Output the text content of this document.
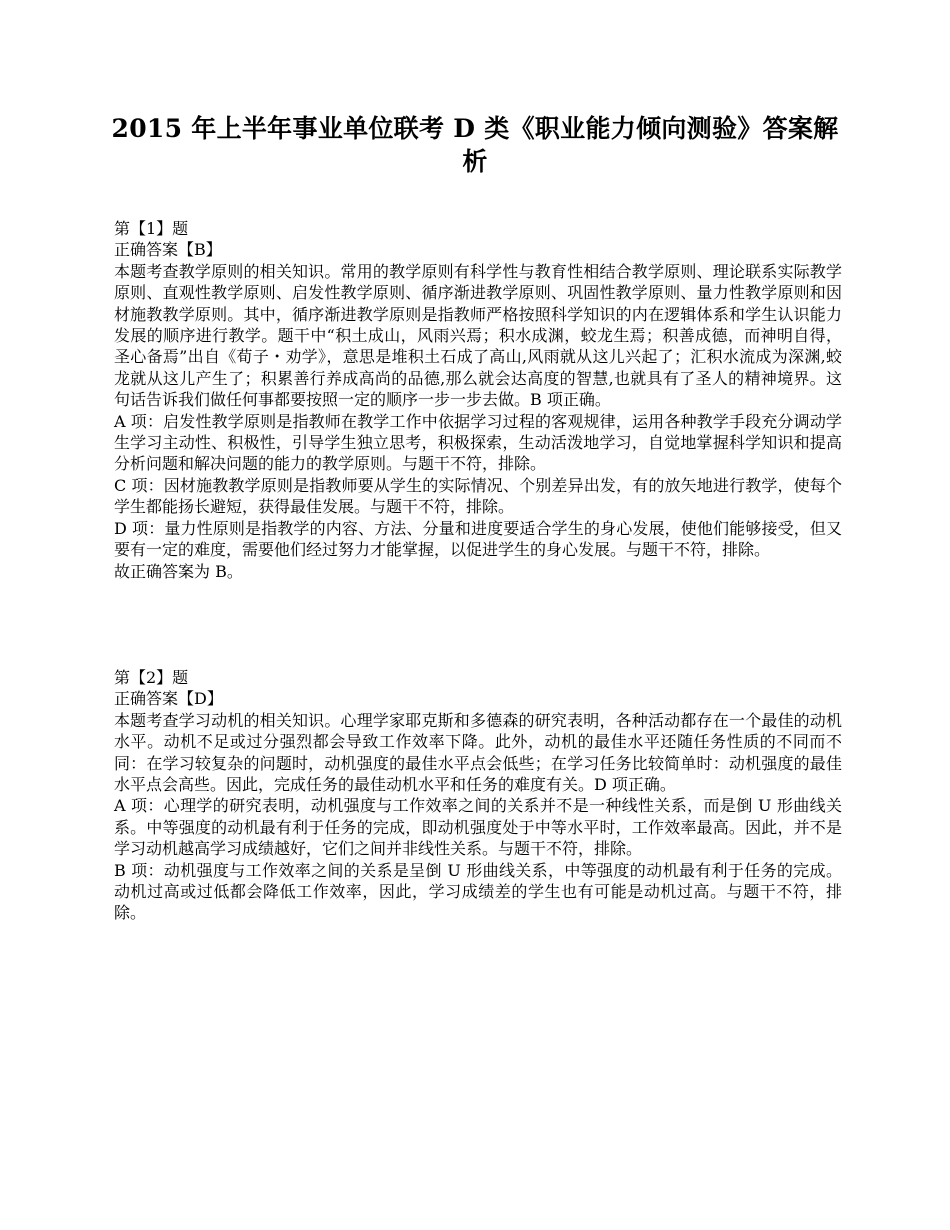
2015 年上半年事业单位联考 D 类《职业能力倾向测验》答案解析

第【1】题

正确答案【B】

本题考查教学原则的相关知识。常用的教学原则有科学性与教育性相结合教学原则、理论联系实际教学原则、直观性教学原则、启发性教学原则、循序渐进教学原则、巩固性教学原则、量力性教学原则和因材施教教学原则。其中，循序渐进教学原则是指教师严格按照科学知识的内在逻辑体系和学生认识能力发展的顺序进行教学。题干中“积土成山，风雨兴焉；积水成渊，蛟龙生焉；积善成德，而神明自得，圣心备焉”出自《荀子・劝学》，意思是堆积土石成了高山,风雨就从这儿兴起了；汇积水流成为深渊,蛟龙就从这儿产生了；积累善行养成高尚的品德,那么就会达高度的智慧,也就具有了圣人的精神境界。这句话告诉我们做任何事都要按照一定的顺序一步一步去做。B 项正确。

A 项：启发性教学原则是指教师在教学工作中依据学习过程的客观规律，运用各种教学手段充分调动学生学习主动性、积极性，引导学生独立思考，积极探索，生动活泼地学习，自觉地掌握科学知识和提高分析问题和解决问题的能力的教学原则。与题干不符，排除。

C 项：因材施教教学原则是指教师要从学生的实际情况、个别差异出发，有的放矢地进行教学，使每个学生都能扬长避短，获得最佳发展。与题干不符，排除。

D 项：量力性原则是指教学的内容、方法、分量和进度要适合学生的身心发展，使他们能够接受，但又要有一定的难度，需要他们经过努力才能掌握，以促进学生的身心发展。与题干不符，排除。

故正确答案为 B。

第【2】题

正确答案【D】

本题考查学习动机的相关知识。心理学家耶克斯和多德森的研究表明，各种活动都存在一个最佳的动机水平。动机不足或过分强烈都会导致工作效率下降。此外，动机的最佳水平还随任务性质的不同而不同：在学习较复杂的问题时，动机强度的最佳水平点会低些；在学习任务比较简单时：动机强度的最佳水平点会高些。因此，完成任务的最佳动机水平和任务的难度有关。D 项正确。

A 项：心理学的研究表明，动机强度与工作效率之间的关系并不是一种线性关系，而是倒 U 形曲线关系。中等强度的动机最有利于任务的完成，即动机强度处于中等水平时，工作效率最高。因此，并不是学习动机越高学习成绩越好，它们之间并非线性关系。与题干不符，排除。

B 项：动机强度与工作效率之间的关系是呈倒 U 形曲线关系，中等强度的动机最有利于任务的完成。动机过高或过低都会降低工作效率，因此，学习成绩差的学生也有可能是动机过高。与题干不符，排除。
